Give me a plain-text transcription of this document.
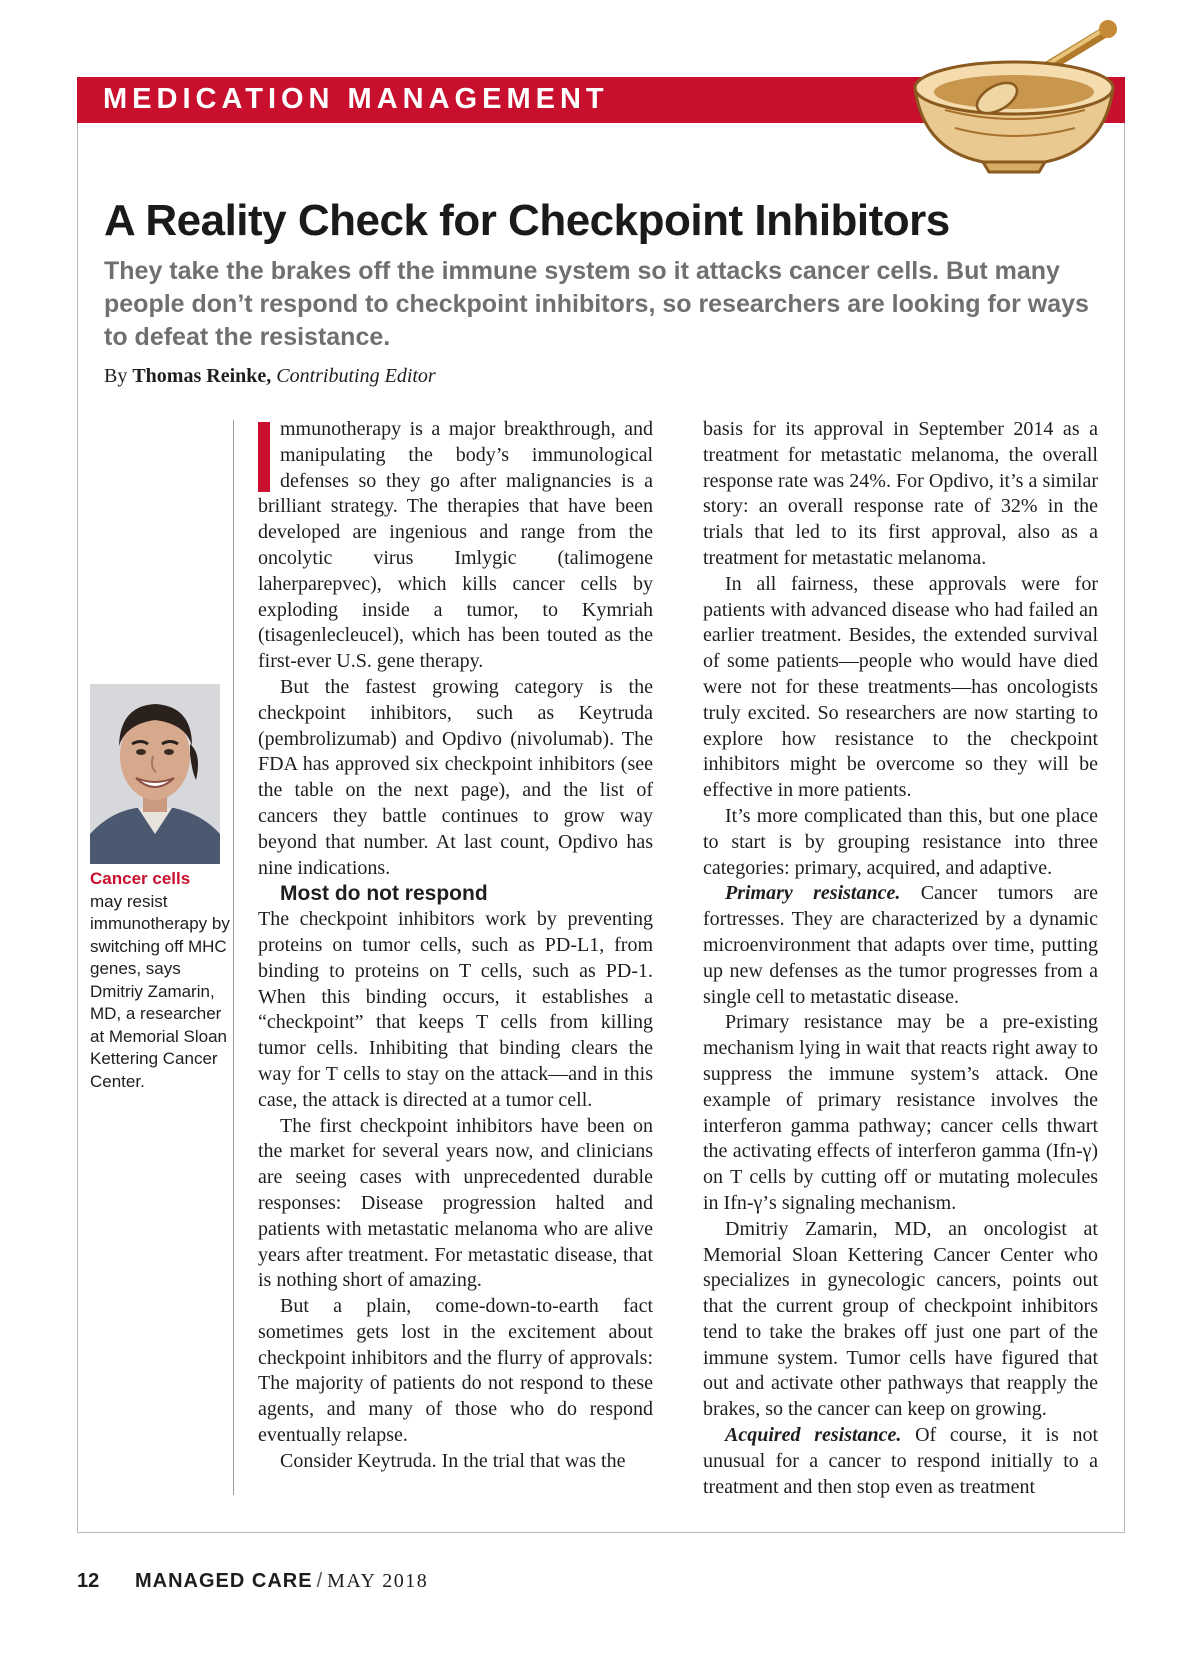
MEDICATION MANAGEMENT
A Reality Check for Checkpoint Inhibitors
They take the brakes off the immune system so it attacks cancer cells. But many people don’t respond to checkpoint inhibitors, so researchers are looking for ways to defeat the resistance.
By Thomas Reinke, Contributing Editor
Cancer cells
may resist immunotherapy by switching off MHC genes, says Dmitriy Zamarin, MD, a researcher at Memorial Sloan Kettering Cancer Center.

mmunotherapy is a major breakthrough, and manipulating the body’s immunological defenses so they go after malignancies is a brilliant strategy. The therapies that have been developed are ingenious and range from the oncolytic virus Imlygic (talimogene laherparepvec), which kills cancer cells by exploding inside a tumor, to Kymriah (tisagenlecleucel), which has been touted as the first-ever U.S. gene therapy.

But the fastest growing category is the checkpoint inhibitors, such as Keytruda (pembrolizumab) and Opdivo (nivolumab). The FDA has approved six checkpoint inhibitors (see the table on the next page), and the list of cancers they battle continues to grow way beyond that number. At last count, Opdivo has nine indications.

Most do not respond

The checkpoint inhibitors work by preventing proteins on tumor cells, such as PD-L1, from binding to proteins on T cells, such as PD-1. When this binding occurs, it establishes a “checkpoint” that keeps T cells from killing tumor cells. Inhibiting that binding clears the way for T cells to stay on the attack—and in this case, the attack is directed at a tumor cell.

The first checkpoint inhibitors have been on the market for several years now, and clinicians are seeing cases with unprecedented durable responses: Disease progression halted and patients with metastatic melanoma who are alive years after treatment. For metastatic disease, that is nothing short of amazing.

But a plain, come-down-to-earth fact sometimes gets lost in the excitement about checkpoint inhibitors and the flurry of approvals: The majority of patients do not respond to these agents, and many of those who do respond eventually relapse.

Consider Keytruda. In the trial that was the

basis for its approval in September 2014 as a treatment for metastatic melanoma, the overall response rate was 24%. For Opdivo, it’s a similar story: an overall response rate of 32% in the trials that led to its first approval, also as a treatment for metastatic melanoma.

In all fairness, these approvals were for patients with advanced disease who had failed an earlier treatment. Besides, the extended survival of some patients—people who would have died were not for these treatments—has oncologists truly excited. So researchers are now starting to explore how resistance to the checkpoint inhibitors might be overcome so they will be effective in more patients.

It’s more complicated than this, but one place to start is by grouping resistance into three categories: primary, acquired, and adaptive.

Primary resistance. Cancer tumors are fortresses. They are characterized by a dynamic microenvironment that adapts over time, putting up new defenses as the tumor progresses from a single cell to metastatic disease.

Primary resistance may be a pre-existing mechanism lying in wait that reacts right away to suppress the immune system’s attack. One example of primary resistance involves the interferon gamma pathway; cancer cells thwart the activating effects of interferon gamma (Ifn-γ) on T cells by cutting off or mutating molecules in Ifn-γ’s signaling mechanism.

Dmitriy Zamarin, MD, an oncologist at Memorial Sloan Kettering Cancer Center who specializes in gynecologic cancers, points out that the current group of checkpoint inhibitors tend to take the brakes off just one part of the immune system. Tumor cells have figured that out and activate other pathways that reapply the brakes, so the cancer can keep on growing.

Acquired resistance. Of course, it is not unusual for a cancer to respond initially to a treatment and then stop even as treatment

12 MANAGED CARE / MAY 2018
